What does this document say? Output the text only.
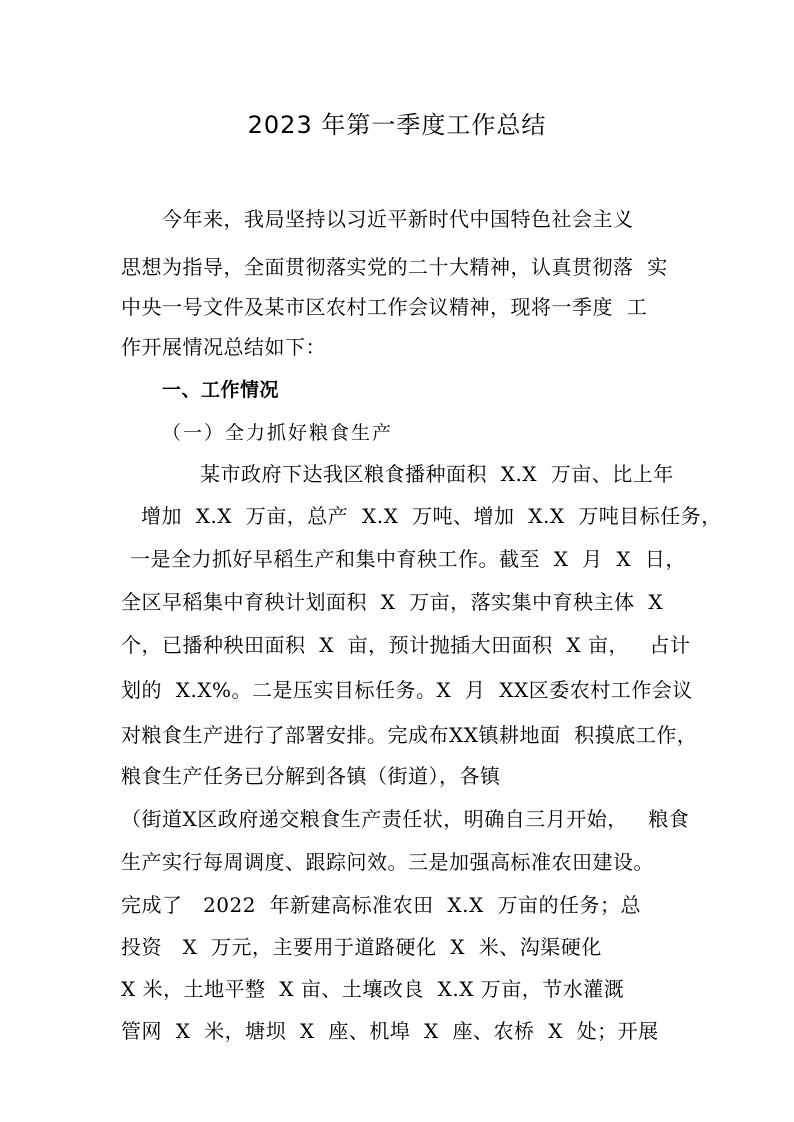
2023 年第一季度工作总结
今年来，我局坚持以习近平新时代中国特色社会主义
思想为指导，全面贯彻落实党的二十大精神，认真贯彻落  实
中央一号文件及某市区农村工作会议精神，现将一季度  工
作开展情况总结如下：
一、工作情况
（一）全力抓好粮食生产
某市政府下达我区粮食播种面积  X.X  万亩、比上年
增加  X.X  万亩，总产  X.X  万吨、增加  X.X  万吨目标任务，
一是全力抓好早稻生产和集中育秧工作。截至  X  月  X  日，
全区早稻集中育秧计划面积  X  万亩，落实集中育秧主体  X
个，已播种秧田面积  X  亩，预计抛插大田面积  X 亩，   占计
划的  X.X%。二是压实目标任务。X  月  XX区委农村工作会议
对粮食生产进行了部署安排。完成布XX镇耕地面  积摸底工作，
粮食生产任务已分解到各镇（街道），各镇
（街道X区政府递交粮食生产责任状，明确自三月开始，   粮食
生产实行每周调度、跟踪问效。三是加强高标准农田建设。
完成了   2022  年新建高标准农田  X.X  万亩的任务；总
投资   X  万元，主要用于道路硬化  X  米、沟渠硬化
X 米，土地平整  X 亩、土壤改良  X.X 万亩，节水灌溉
管网  X  米，塘坝  X  座、机埠  X  座、农桥  X  处；开展
